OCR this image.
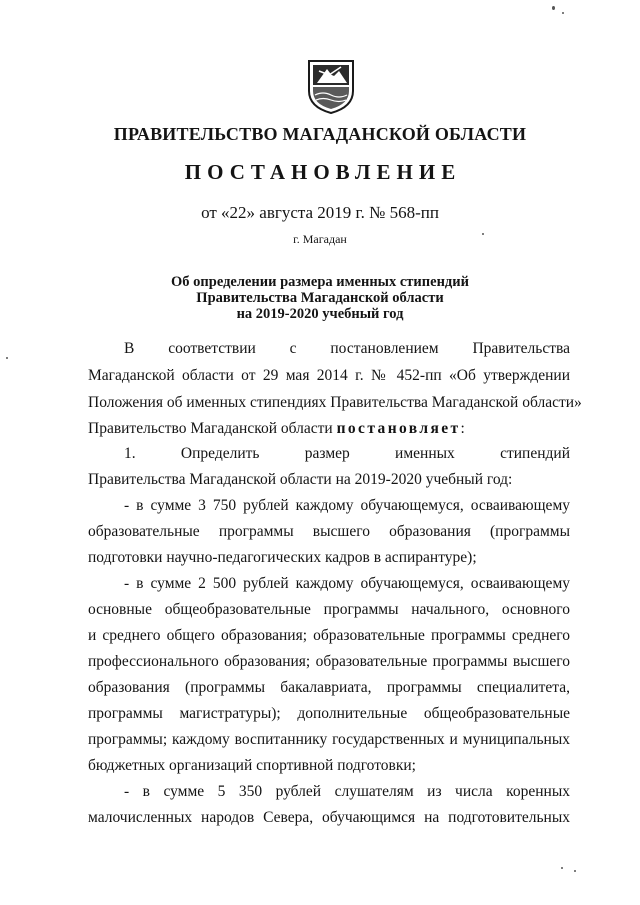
ПРАВИТЕЛЬСТВО МАГАДАНСКОЙ ОБЛАСТИ
ПОСТАНОВЛЕНИЕ
от «22» августа 2019 г. № 568-пп
г. Магадан
Об определении размера именных стипендий
Правительства Магаданской области
на 2019-2020 учебный год
В соответствии с постановлением Правительства
Магаданской области от 29 мая 2014 г. № 452-пп «Об утверждении
Положения об именных стипендиях Правительства Магаданской области»
Правительство Магаданской области постановляет:
1. Определить размер именных стипендий
Правительства Магаданской области на 2019-2020 учебный год:
- в сумме 3 750 рублей каждому обучающемуся, осваивающему
образовательные программы высшего образования (программы
подготовки научно-педагогических кадров в аспирантуре);
- в сумме 2 500 рублей каждому обучающемуся, осваивающему
основные общеобразовательные программы начального, основного
и среднего общего образования; образовательные программы среднего
профессионального образования; образовательные программы высшего
образования (программы бакалавриата, программы специалитета,
программы магистратуры); дополнительные общеобразовательные
программы; каждому воспитаннику государственных и муниципальных
бюджетных организаций спортивной подготовки;
- в сумме 5 350 рублей слушателям из числа коренных
малочисленных народов Севера, обучающимся на подготовительных
